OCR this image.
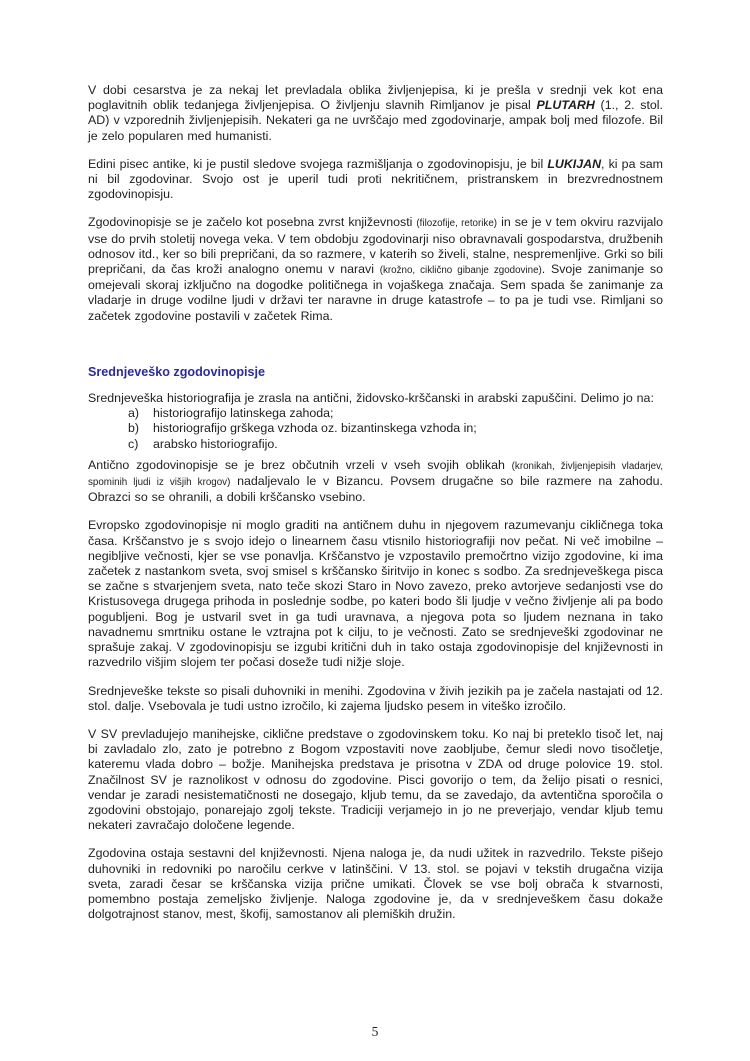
V dobi cesarstva je za nekaj let prevladala oblika življenjepisa, ki je prešla v srednji vek kot ena poglavitnih oblik tedanjega življenjepisa. O življenju slavnih Rimljanov je pisal PLUTARH (1., 2. stol. AD) v vzporednih življenjepisih. Nekateri ga ne uvrščajo med zgodovinarje, ampak bolj med filozofe. Bil je zelo popularen med humanisti.

Edini pisec antike, ki je pustil sledove svojega razmišljanja o zgodovinopisju, je bil LUKIJAN, ki pa sam ni bil zgodovinar. Svojo ost je uperil tudi proti nekritičnem, pristranskem in brezvrednostnem zgodovinopisju.

Zgodovinopisje se je začelo kot posebna zvrst književnosti (filozofije, retorike) in se je v tem okviru razvijalo vse do prvih stoletij novega veka. V tem obdobju zgodovinarji niso obravnavali gospodarstva, družbenih odnosov itd., ker so bili prepričani, da so razmere, v katerih so živeli, stalne, nespremenljive. Grki so bili prepričani, da čas kroži analogno onemu v naravi (krožno, ciklično gibanje zgodovine). Svoje zanimanje so omejevali skoraj izključno na dogodke političnega in vojaškega značaja. Sem spada še zanimanje za vladarje in druge vodilne ljudi v državi ter naravne in druge katastrofe – to pa je tudi vse. Rimljani so začetek zgodovine postavili v začetek Rima.

Srednjeveško zgodovinopisje

Srednjeveška historiografija je zrasla na antični, židovsko-krščanski in arabski zapuščini. Delimo jo na:

a)	historiografijo latinskega zahoda;
b)	historiografijo grškega vzhoda oz. bizantinskega vzhoda in;
c)	arabsko historiografijo.

Antično zgodovinopisje se je brez občutnih vrzeli v vseh svojih oblikah (kronikah, življenjepisih vladarjev, spominih ljudi iz višjih krogov) nadaljevalo le v Bizancu. Povsem drugačne so bile razmere na zahodu. Obrazci so se ohranili, a dobili krščansko vsebino.

Evropsko zgodovinopisje ni moglo graditi na antičnem duhu in njegovem razumevanju cikličnega toka časa. Krščanstvo je s svojo idejo o linearnem času vtisnilo historiografiji nov pečat. Ni več imobilne – negibljive večnosti, kjer se vse ponavlja. Krščanstvo je vzpostavilo premočrtno vizijo zgodovine, ki ima začetek z nastankom sveta, svoj smisel s krščansko širitvijo in konec s sodbo. Za srednjeveškega pisca se začne s stvarjenjem sveta, nato teče skozi Staro in Novo zavezo, preko avtorjeve sedanjosti vse do Kristusovega drugega prihoda in poslednje sodbe, po kateri bodo šli ljudje v večno življenje ali pa bodo pogubljeni. Bog je ustvaril svet in ga tudi uravnava, a njegova pota so ljudem neznana in tako navadnemu smrtniku ostane le vztrajna pot k cilju, to je večnosti. Zato se srednjeveški zgodovinar ne sprašuje zakaj. V zgodovinopisju se izgubi kritični duh in tako ostaja zgodovinopisje del književnosti in razvedrilo višjim slojem ter počasi doseže tudi nižje sloje.

Srednjeveške tekste so pisali duhovniki in menihi. Zgodovina v živih jezikih pa je začela nastajati od 12. stol. dalje. Vsebovala je tudi ustno izročilo, ki zajema ljudsko pesem in viteško izročilo.

V SV prevladujejo manihejske, ciklične predstave o zgodovinskem toku. Ko naj bi preteklo tisoč let, naj bi zavladalo zlo, zato je potrebno z Bogom vzpostaviti nove zaobljube, čemur sledi novo tisočletje, kateremu vlada dobro – božje. Manihejska predstava je prisotna v ZDA od druge polovice 19. stol. Značilnost SV je raznolikost v odnosu do zgodovine. Pisci govorijo o tem, da želijo pisati o resnici, vendar je zaradi nesistematičnosti ne dosegajo, kljub temu, da se zavedajo, da avtentična sporočila o zgodovini obstojajo, ponarejajo zgolj tekste. Tradiciji verjamejo in jo ne preverjajo, vendar kljub temu nekateri zavračajo določene legende.

Zgodovina ostaja sestavni del književnosti. Njena naloga je, da nudi užitek in razvedrilo. Tekste pišejo duhovniki in redovniki po naročilu cerkve v latinščini. V 13. stol. se pojavi v tekstih drugačna vizija sveta, zaradi česar se krščanska vizija prične umikati. Človek se vse bolj obrača k stvarnosti, pomembno postaja zemeljsko življenje. Naloga zgodovine je, da v srednjeveškem času dokaže dolgotrajnost stanov, mest, škofij, samostanov ali plemiških družin.

5
